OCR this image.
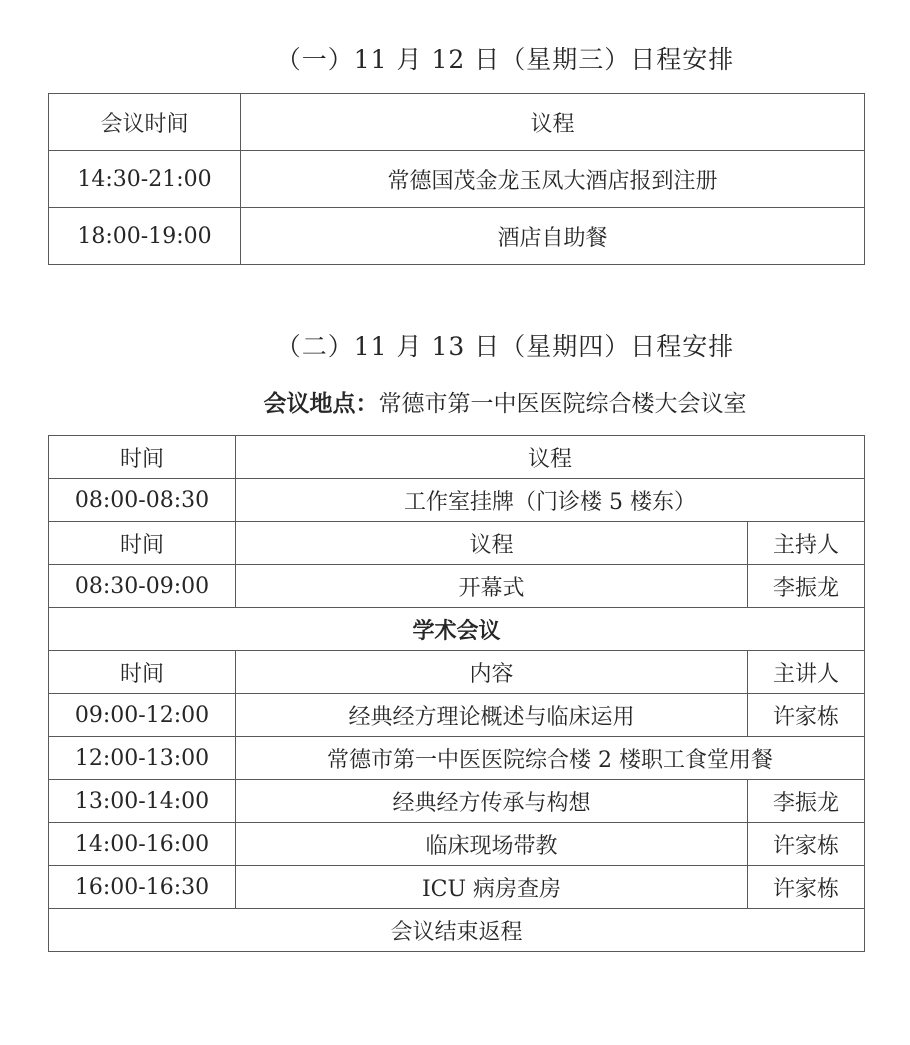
（一）11 月 12 日（星期三）日程安排
会议时间	议程
14:30-21:00	常德国茂金龙玉凤大酒店报到注册
18:00-19:00	酒店自助餐
（二）11 月 13 日（星期四）日程安排

会议地点：常德市第一中医医院综合楼大会议室

时间	议程	
08:00-08:30	工作室挂牌（门诊楼 5 楼东）	
时间	议程	主持人
08:30-09:00	开幕式	李振龙
学术会议		
时间	内容	主讲人
09:00-12:00	经典经方理论概述与临床运用	许家栋
12:00-13:00	常德市第一中医医院综合楼 2 楼职工食堂用餐	
13:00-14:00	经典经方传承与构想	李振龙
14:00-16:00	临床现场带教	许家栋
16:00-16:30	ICU 病房查房	许家栋
会议结束返程		
